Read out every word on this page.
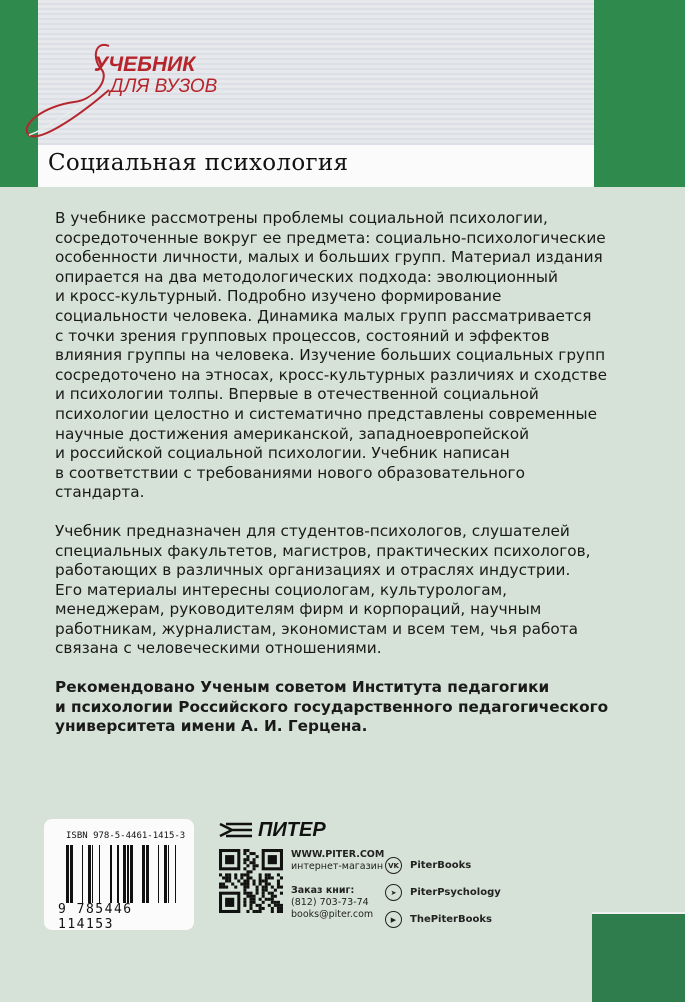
УЧЕБНИК
ДЛЯ ВУЗОВ
Социальная психология

В учебнике рассмотрены проблемы социальной психологии,
сосредоточенные вокруг ее предмета: социально-психологические
особенности личности, малых и больших групп. Материал издания
опирается на два методологических подхода: эволюционный
и кросс-культурный. Подробно изучено формирование
социальности человека. Динамика малых групп рассматривается
с точки зрения групповых процессов, состояний и эффектов
влияния группы на человека. Изучение больших социальных групп
сосредоточено на этносах, кросс-культурных различиях и сходстве
и психологии толпы. Впервые в отечественной социальной
психологии целостно и систематично представлены современные
научные достижения американской, западноевропейской
и российской социальной психологии. Учебник написан
в соответствии с требованиями нового образовательного
стандарта.

Учебник предназначен для студентов-психологов, слушателей
специальных факультетов, магистров, практических психологов,
работающих в различных организациях и отраслях индустрии.
Его материалы интересны социологам, культурологам,
менеджерам, руководителям фирм и корпораций, научным
работникам, журналистам, экономистам и всем тем, чья работа
связана с человеческими отношениями.

Рекомендовано Ученым советом Института педагогики
и психологии Российского государственного педагогического
университета имени А. И. Герцена.

ISBN 978-5-4461-1415-3
9 785446 114153
ПИТЕР
WWW.PITER.COM
интернет-магазин
Заказ книг:
(812) 703-73-74
books@piter.com
VK	PiterBooks
➤	PiterPsychology
▶	ThePiterBooks
